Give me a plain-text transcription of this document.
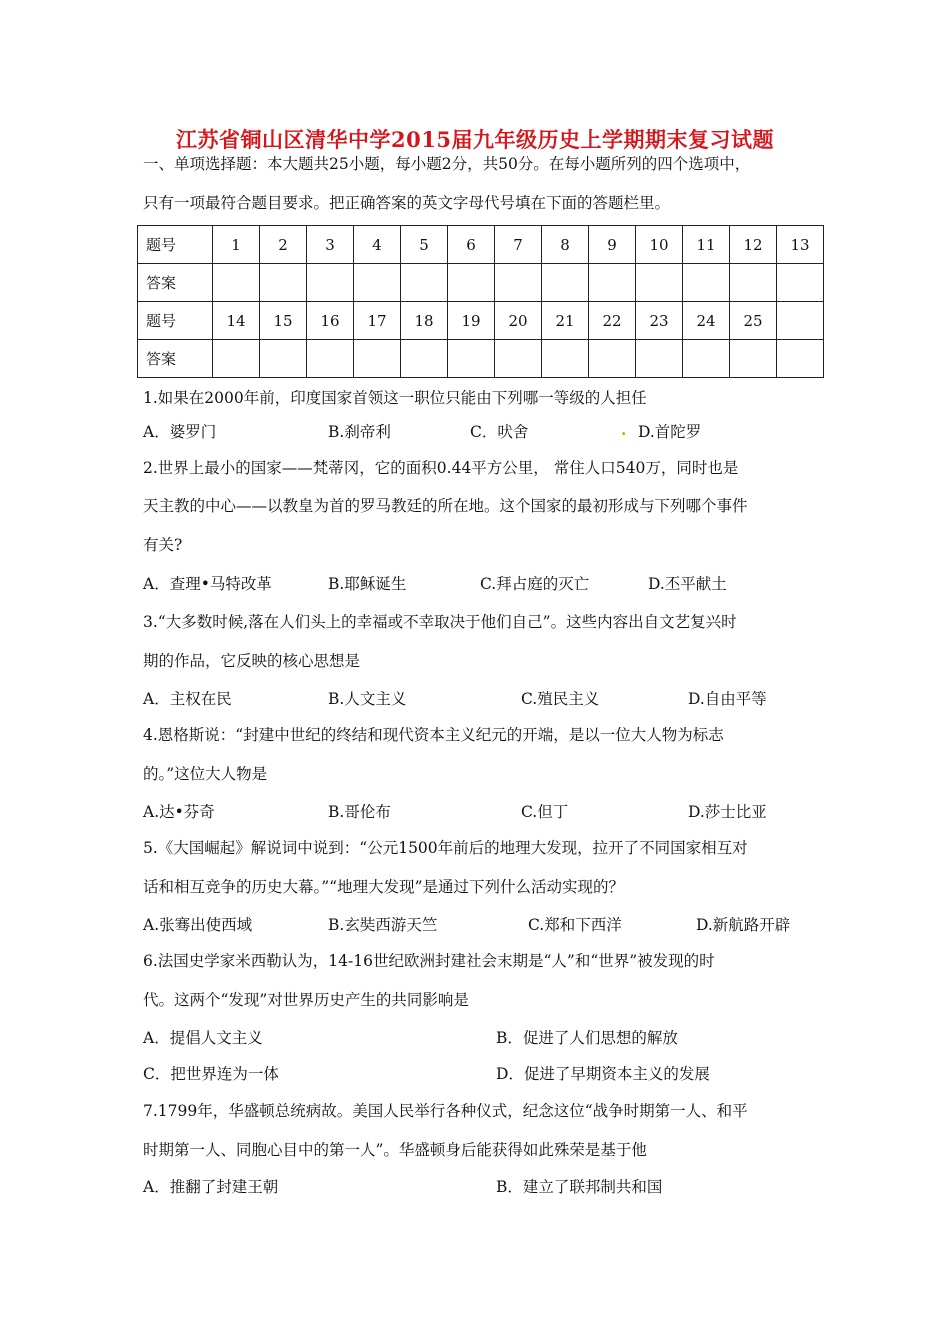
江苏省铜山区清华中学2015届九年级历史上学期期末复习试题
一、单项选择题：本大题共25小题，每小题2分，共50分。在每小题所列的四个选项中，
只有一项最符合题目要求。把正确答案的英文字母代号填在下面的答题栏里。
题号	1	2	3	4	5	6	7	8	9	10	11	12	13
答案													
题号	14	15	16	17	18	19	20	21	22	23	24	25	
答案													
1.如果在2000年前，印度国家首领这一职位只能由下列哪一等级的人担任
A．婆罗门	B.刹帝利	C．吠舍	. D.首陀罗
2.世界上最小的国家——梵蒂冈，它的面积0.44平方公里， 常住人口540万，同时也是
天主教的中心——以教皇为首的罗马教廷的所在地。这个国家的最初形成与下列哪个事件
有关?
A．查理•马特改革	B.耶稣诞生	C.拜占庭的灭亡	D.丕平献土
3.“大多数时候,落在人们头上的幸福或不幸取决于他们自己”。这些内容出自文艺复兴时
期的作品，它反映的核心思想是
A．主权在民	B.人文主义	C.殖民主义	D.自由平等
4.恩格斯说：“封建中世纪的终结和现代资本主义纪元的开端，是以一位大人物为标志
的。”这位大人物是
A.达•芬奇	B.哥伦布	C.但丁	D.莎士比亚
5.《大国崛起》解说词中说到：“公元1500年前后的地理大发现，拉开了不同国家相互对
话和相互竞争的历史大幕。”“地理大发现”是通过下列什么活动实现的？
A.张骞出使西域	B.玄奘西游天竺	C.郑和下西洋	D.新航路开辟
6.法国史学家米西勒认为，14-16世纪欧洲封建社会末期是“人”和“世界”被发现的时
代。这两个“发现”对世界历史产生的共同影响是
A．提倡人文主义	B．促进了人们思想的解放
C．把世界连为一体	D．促进了早期资本主义的发展
7.1799年，华盛顿总统病故。美国人民举行各种仪式，纪念这位“战争时期第一人、和平
时期第一人、同胞心目中的第一人”。华盛顿身后能获得如此殊荣是基于他
A．推翻了封建王朝	B．建立了联邦制共和国
